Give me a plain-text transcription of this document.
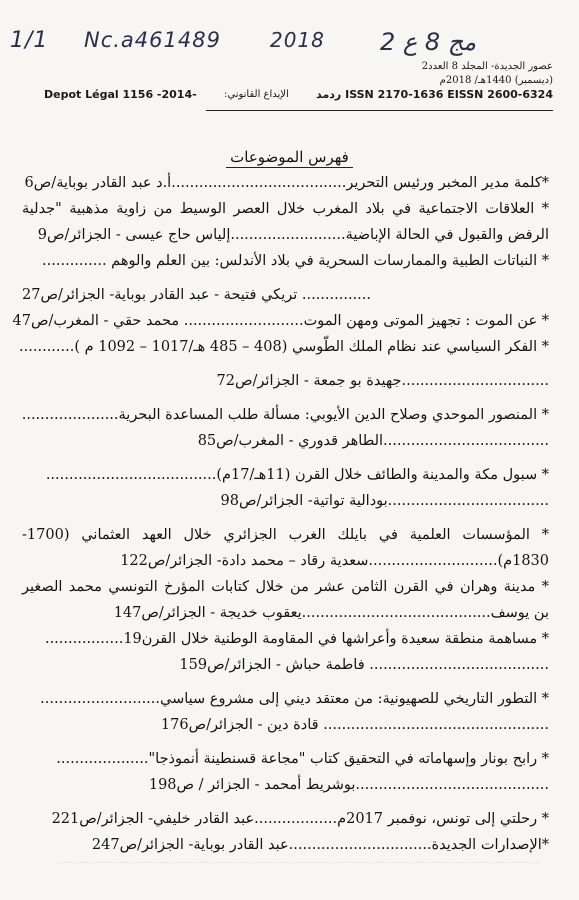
1/1 Nc.a461489 2018 مج 8 ع 2
عصور الجديدة- المجلد 8 العدد2
(ديسمبر) 1440هـ/ 2018م
Depot Légal 1156 -2014-	الإيداع القانوني: ردمد ISSN 2170-1636 EISSN 2600-6324
فهرس الموضوعات
*كلمة مدير المخبر ورئيس التحرير......................................أ.د عبد القادر بوباية/ص6
* العلاقات الاجتماعية في بلاد المغرب خلال العصر الوسيط من زاوية مذهبية "جدلية
الرفض والقبول في الحالة الإباضية.........................إلياس حاج عيسى - الجزائر/ص9
* النباتات الطبية والممارسات السحرية في بلاد الأندلس: بين العلم والوهم ..............
............... تريكي فتيحة - عبد القادر بوباية- الجزائر/ص27
* عن الموت : تجهيز الموتى ومهن الموت.......................... محمد حقي - المغرب/ص47
* الفكر السياسي عند نظام الملك الطّوسي (408 – 485 هـ/1017 – 1092 م )............
................................جهيدة بو جمعة - الجزائر/ص72
* المنصور الموحدي وصلاح الدين الأيوبي: مسألة طلب المساعدة البحرية.....................
....................................الطاهر قدوري - المغرب/ص85
* سبول مكة والمدينة والطائف خلال القرن (11هـ/17م).....................................
...................................بودالية تواتية- الجزائر/ص98
* المؤسسات العلمية في بايلك الغرب الجزائري خلال العهد العثماني (1700-
1830م)............................سعدية رقاد – محمد دادة- الجزائر/ص122
* مدينة وهران في القرن الثامن عشر من خلال كتابات المؤرخ التونسي محمد الصغير
بن يوسف.........................................يعقوب خديجة - الجزائر/ص147
* مساهمة منطقة سعيدة وأعراشها في المقاومة الوطنية خلال القرن19.................
....................................... فاطمة حباش - الجزائر/ص159
* التطور التاريخي للصهيونية: من معتقد ديني إلى مشروع سياسي..........................
................................................. قادة دين - الجزائر/ص176
* رابح بونار وإسهاماته في التحقيق كتاب "مجاعة قسنطينة أنموذجا"....................
..........................................بوشريط أمحمد - الجزائر / ص198
* رحلتي إلى تونس، نوفمبر 2017م..................عبد القادر خليفي- الجزائر/ص221
*الإصدارات الجديدة...............................عبد القادر بوباية- الجزائر/ص247
